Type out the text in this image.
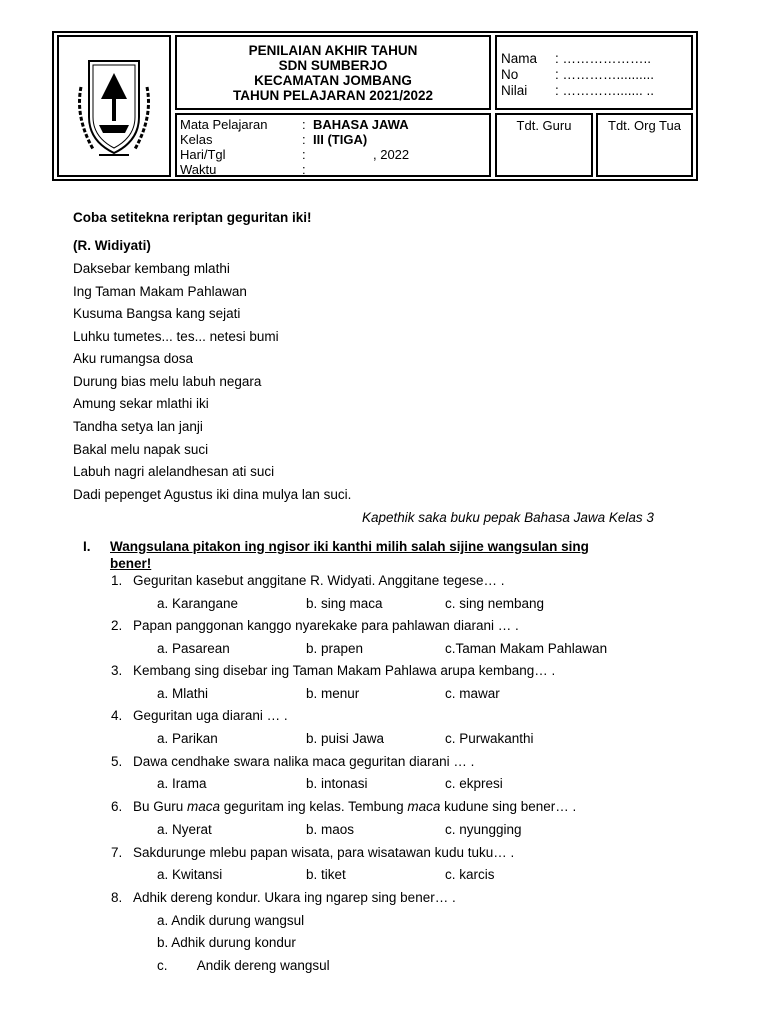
PENILAIAN AKHIR TAHUN
SDN SUMBERJO
KECAMATAN JOMBANG
TAHUN PELAJARAN 2021/2022
Nama : ………………..
No	: …………..........
Nilai : …………....... ..
Mata Pelajaran	: BAHASA JAWA
Kelas	: III (TIGA)
Hari/Tgl	:	, 2022
Waktu	:
Tdt. Guru	Tdt. Org Tua
Coba setitekna reriptan geguritan iki!
(R. Widiyati)
Daksebar kembang mlathi
Ing Taman Makam Pahlawan
Kusuma Bangsa kang sejati
Luhku tumetes... tes... netesi bumi
Aku rumangsa dosa
Durung bias melu labuh negara
Amung sekar mlathi iki
Tandha setya lan janji
Bakal melu napak suci
Labuh nagri alelandhesan ati suci
Dadi pepenget Agustus iki dina mulya lan suci.
Kapethik saka buku pepak Bahasa Jawa Kelas 3
I. Wangsulana pitakon ing ngisor iki kanthi milih salah sijine wangsulan sing
bener!
1. Geguritan kasebut anggitane R. Widyati. Anggitane tegese… .
a. Karangane	b. sing maca	c. sing nembang
2. Papan panggonan kanggo nyarekake para pahlawan diarani … .
a. Pasarean	b. prapen	c.Taman Makam Pahlawan
3. Kembang sing disebar ing Taman Makam Pahlawa arupa kembang… .
a. Mlathi	b. menur	c. mawar
4. Geguritan uga diarani … .
a. Parikan	b. puisi Jawa	c. Purwakanthi
5. Dawa cendhake swara nalika maca geguritan diarani … .
a. Irama	b. intonasi	c. ekpresi
6. Bu Guru maca geguritam ing kelas. Tembung maca kudune sing bener… .
a. Nyerat	b. maos	c. nyungging
7. Sakdurunge mlebu papan wisata, para wisatawan kudu tuku… .
a. Kwitansi	b. tiket	c. karcis
8. Adhik dereng kondur. Ukara ing ngarep sing bener… .
a. Andik durung wangsul
b. Adhik durung kondur
c.        Andik dereng wangsul
